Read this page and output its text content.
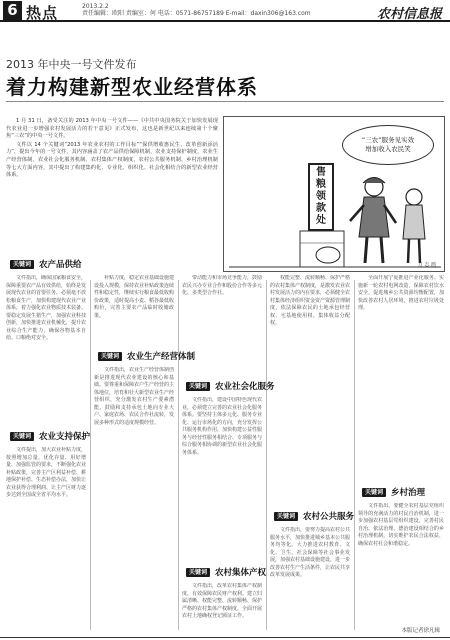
6 热点	2013.2.2
责任编辑：欧阳 责编室：何 电话：0571-86757189 E-mail：daxin306@163.com	农村信息报
2013 年中央一号文件发布
着力构建新型农业经营体系

1 月 31 日，备受关注的 2013 年中央一号文件——《中共中央国务院关于加快发展现代农业进一步增强农村发展活力的若干意见》正式发布，这也是新世纪以来连续第十个聚焦“三农”的中央一号文件。

文件以 14 个关键词“2013 年农业农村的工作目标”“保供增收惠民生、改革创新添活力”，提出今年的一号文件，其内容涵盖了农产品供给保障机制、农业支持保护制度、农业生产经营体制、农业社会化服务机制、农村集体产权制度、农村公共服务机制、乡村治理机制等七大方面内容，其中提出了构建集约化、专业化、组织化、社会化相结合的新型农业经营体系。

“三农”服务见实效
增加收入农民笑
售
粮
领
款
处
万 志 画
关键词 农产品供给

文件指出，确保国家粮食安全，保障重要农产品有效供给，始终是发展现代农业的首要任务。必须毫不放松粮食生产，加快构建现代农业产业体系，着力强化农业物质技术装备。要稳定发展生猪生产，加强农业科技创新，加快推进农业机械化，提升农业综合生产能力，确保谷物基本自给、口粮绝对安全。

关键词 农业支持保护

文件提出，加大农业补贴力度，按照增加总量、优化存量、用好增量、加强监管的要求，不断强化农业补贴政策，完善主产区利益补偿、耕地保护补偿、生态补偿办法，加快让农业获得合理利润、让主产区财力逐步达到全国或全省平均水平。

补贴力度，稳定农业基础设施建设投入规模，保持农业补贴政策连续性和稳定性，继续实行粮食最低收购价政策，适时提高小麦、稻谷最低收购价，完善主要农产品临时收储政策。

关键词 农业生产经营体制

文件指出，农业生产经营体制创新是推进现代农业建设的核心和基础。要尊重和保障农户生产经营的主体地位，培育和壮大新型农业生产经营组织，充分激发农村生产要素潜能。鼓励和支持承包土地向专业大户、家庭农场、农民合作社流转，发展多种形式的适度规模经营。

带动能力和市场竞争能力，鼓励农民兴办专业合作和股份合作等多元化、多类型合作社。

关键词 农业社会化服务

文件指出，建设中国特色现代农业，必须建立完善的农业社会化服务体系。要坚持主体多元化、服务专业化、运行市场化的方向，充分发挥公共服务机构作用，加快构建公益性服务与经营性服务相结合、专项服务与综合服务相协调的新型农业社会化服务体系。

关键词 农村集体产权

文件指出，改革农村集体产权制度，有效保障农民财产权利。建立归属清晰、权能完整、流转顺畅、保护严格的农村集体产权制度。全面开展农村土地确权登记颁证工作。

权能完整、流转顺畅、保护严格的农村集体产权制度，是激发农业农村发展活力的内在要求，必须健全农村集体经济组织资金资产资源管理制度，依法保障农民的土地承包经营权、宅基地使用权、集体收益分配权。

关键词 农村公共服务

文件指出，要努力提高农村公共服务水平，加快推进城乡基本公共服务均等化。大力推进农村教育、文化、卫生、社会保障等社会事业发展，加强农村基础设施建设，进一步改善农村生产生活条件，让农民共享改革发展成果。

全面开展宁夏推进产业化服务、实施新一轮农村电网改造，保障农村饮水安全，促进城乡公共资源均衡配置，加快改善农村人居环境，推进农村垃圾处理。

关键词 乡村治理

文件指出，要健全农村基层党组织领导的充满活力的村民自治机制，进一步加强农村基层党组织建设，完善村民自治、依法治理、德治建设相结合的乡村治理机制，切实维护农民合法权益，确保农村社会和谐稳定。

本版记者徐凡辑
